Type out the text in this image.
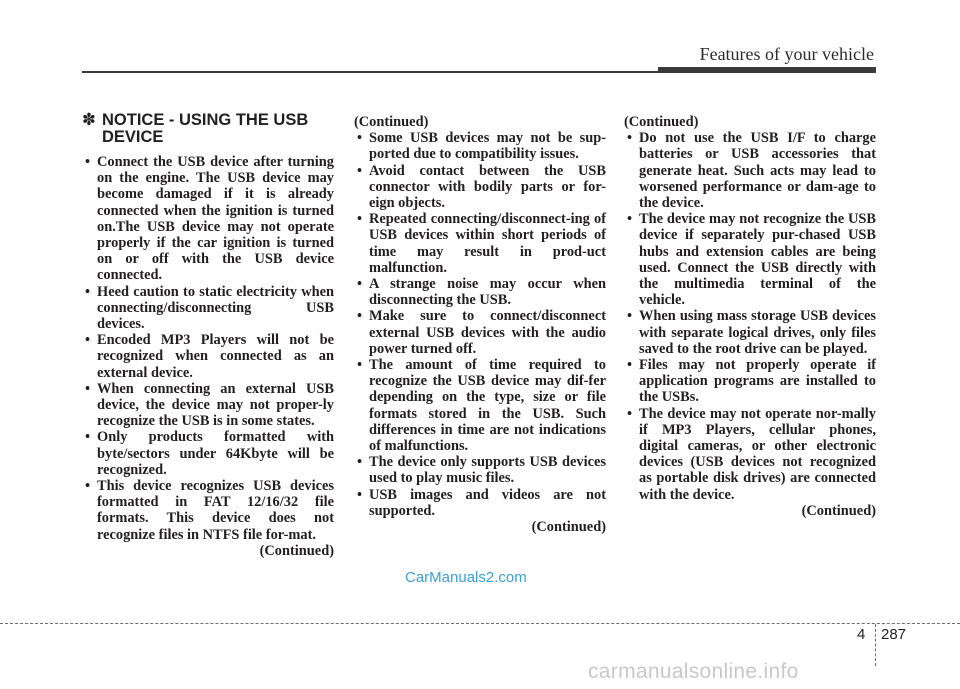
Features of your vehicle
✽ NOTICE - USING THE USB
DEVICE
• Connect the USB device after turning on the engine. The USB device may become damaged if it is already connected when the ignition is turned on.The USB device may not operate properly if the car ignition is turned on or off with the USB device connected.
• Heed caution to static electricity when connecting/disconnecting USB devices.
• Encoded MP3 Players will not be recognized when connected as an external device.
• When connecting an external USB device, the device may not proper-ly recognize the USB is in some states.
• Only products formatted with byte/sectors under 64Kbyte will be recognized.
• This device recognizes USB devices formatted in FAT 12/16/32 file formats. This device does not recognize files in NTFS file for-mat.
(Continued)
(Continued)
• Some USB devices may not be sup-ported due to compatibility issues.
• Avoid contact between the USB connector with bodily parts or for-eign objects.
• Repeated connecting/disconnect-ing of USB devices within short periods of time may result in prod-uct malfunction.
• A strange noise may occur when disconnecting the USB.
• Make sure to connect/disconnect external USB devices with the audio power turned off.
• The amount of time required to recognize the USB device may dif-fer depending on the type, size or file formats stored in the USB. Such differences in time are not indications of malfunctions.
• The device only supports USB devices used to play music files.
• USB images and videos are not supported.
(Continued)
(Continued)
• Do not use the USB I/F to charge batteries or USB accessories that generate heat. Such acts may lead to worsened performance or dam-age to the device.
• The device may not recognize the USB device if separately pur-chased USB hubs and extension cables are being used. Connect the USB directly with the multimedia terminal of the vehicle.
• When using mass storage USB devices with separate logical drives, only files saved to the root drive can be played.
• Files may not properly operate if application programs are installed to the USBs.
• The device may not operate nor-mally if MP3 Players, cellular phones, digital cameras, or other electronic devices (USB devices not recognized as portable disk drives) are connected with the device.
(Continued)
CarManuals2.com
4 287
carmanualsonline.info
